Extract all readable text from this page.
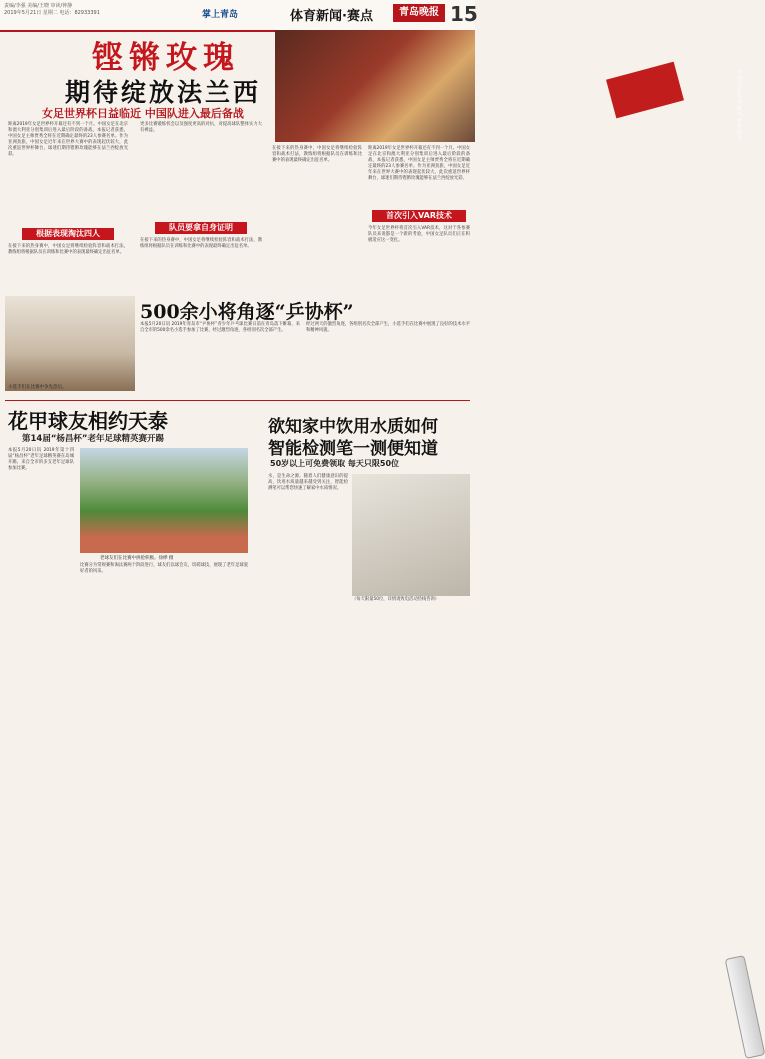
责编/李强 美编/王晓 审读/钟静
2019年5月21日 星期二 电话：82933391	掌上青岛	体育新闻·赛点	青岛晚报 15
中国女足在训练中。新华社发
铿锵玫瑰
期待绽放法兰西
女足世界杯日益临近 中国队进入最后备战
距离2019年女足世界杯开幕还有不到一个月。中国女足在北京和澳大利亚分别集训后进入最后阶段的备战，本报记者获悉，中国女足主帅贾秀全将在近期确定最终的23人参赛名单。作为亚洲劲旅，中国女足近年来在世界大赛中的表现起伏较大，此次重返世界杯舞台，球迷们期待铿锵玫瑰能够在法兰西绽放光彩。
根据表现淘汰四人
在接下来的热身赛中，中国女足将继续检验阵容和战术打法，教练组将根据队员在训练和比赛中的表现最终确定出征名单。
更多比赛锻炼机会以及强度更高的对抗，对提高球队整体实力大有裨益。
队员要拿自身证明
在接下来的热身赛中，中国女足将继续检验阵容和战术打法，教练组将根据队员在训练和比赛中的表现最终确定出征名单。
在接下来的热身赛中，中国女足将继续检验阵容和战术打法，教练组将根据队员在训练和比赛中的表现最终确定出征名单。
距离2019年女足世界杯开幕还有不到一个月。中国女足在北京和澳大利亚分别集训后进入最后阶段的备战，本报记者获悉，中国女足主帅贾秀全将在近期确定最终的23人参赛名单。作为亚洲劲旅，中国女足近年来在世界大赛中的表现起伏较大，此次重返世界杯舞台，球迷们期待铿锵玫瑰能够在法兰西绽放光彩。
首次引入VAR技术
今年女足世界杯将首次引入VAR技术，这对于各参赛队员来说都是一个新的考验，中国女足队员们正在积极适应这一变化。
小选手们在比赛中争先恐后。
500余小将角逐“乒协杯”
本报5月20日讯 2019年青岛市“乒协杯”青少年乒乓球比赛日前在青岛落下帷幕，来自全市的500余名小选手参加了比赛，经过激烈角逐，各组别名次全部产生。
经过两天的激烈角逐，各组别名次全部产生，小选手们在比赛中展现了良好的技术水平和精神风貌。
花甲球友相约天泰
第14届“杨昌杯”老年足球精英赛开踢
本报5月20日讯 2019年第十四届“杨昌杯”老年足球精英赛在岛城开踢，来自全市的多支老年足球队参加比赛。
老球友们在比赛中拼抢积极。徐桦 摄
比赛分为常规赛和淘汰赛两个阶段进行，球友们以球会友，切磋球技，展现了老年足球爱好者的风采。
欲知家中饮用水质如何
智能检测笔一测便知道
50岁以上可免费领取 每天只限50位
水，是生命之源。随着人们健康意识的提高，饮用水质量越来越受到关注，智能检测笔可以帮您快速了解家中水质情况。
（每天限量50位，详情请致电活动热线咨询）
